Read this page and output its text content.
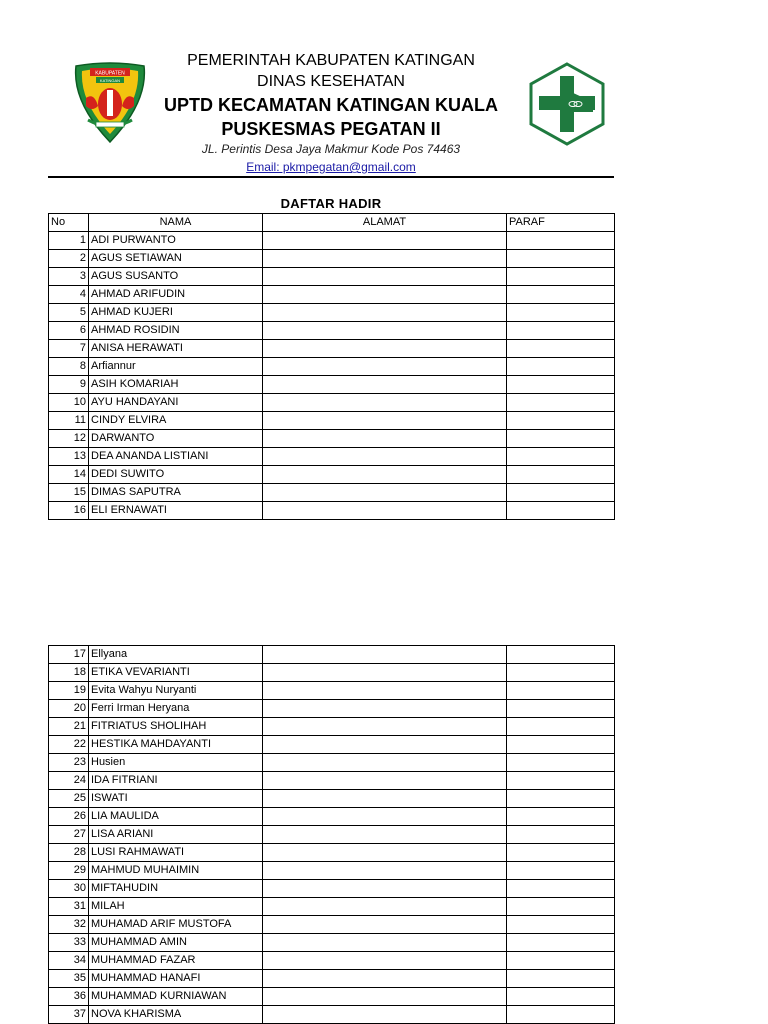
KABUPATEN
KATINGAN
PEMERINTAH KABUPATEN KATINGAN
DINAS KESEHATAN
UPTD KECAMATAN KATINGAN KUALA
PUSKESMAS PEGATAN II
JL. Perintis Desa Jaya Makmur Kode Pos 74463
Email: pkmpegatan@gmail.com
DAFTAR HADIR
No	NAMA	ALAMAT	PARAF
1	ADI PURWANTO		
2	AGUS SETIAWAN		
3	AGUS SUSANTO		
4	AHMAD ARIFUDIN		
5	AHMAD KUJERI		
6	AHMAD ROSIDIN		
7	ANISA HERAWATI		
8	Arfiannur		
9	ASIH KOMARIAH		
10	AYU HANDAYANI		
11	CINDY ELVIRA		
12	DARWANTO		
13	DEA ANANDA LISTIANI		
14	DEDI SUWITO		
15	DIMAS SAPUTRA		
16	ELI ERNAWATI		
17	Ellyana		
18	ETIKA VEVARIANTI		
19	Evita Wahyu Nuryanti		
20	Ferri Irman Heryana		
21	FITRIATUS SHOLIHAH		
22	HESTIKA MAHDAYANTI		
23	Husien		
24	IDA FITRIANI		
25	ISWATI		
26	LIA MAULIDA		
27	LISA ARIANI		
28	LUSI RAHMAWATI		
29	MAHMUD MUHAIMIN		
30	MIFTAHUDIN		
31	MILAH		
32	MUHAMAD ARIF MUSTOFA		
33	MUHAMMAD AMIN		
34	MUHAMMAD FAZAR		
35	MUHAMMAD HANAFI		
36	MUHAMMAD KURNIAWAN		
37	NOVA KHARISMA		
